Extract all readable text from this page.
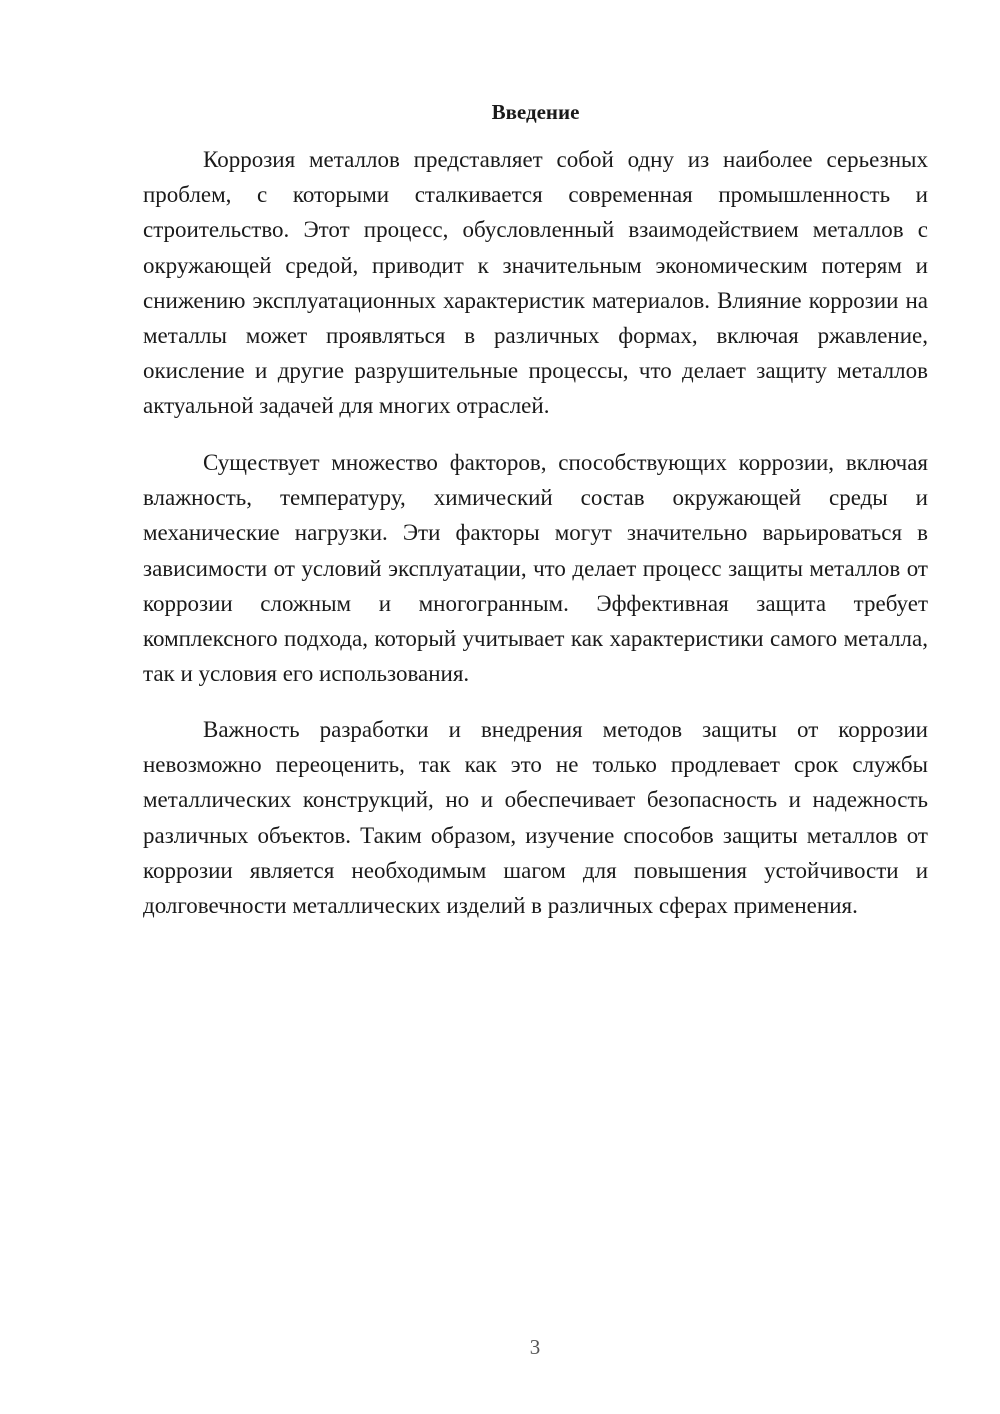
Введение

Коррозия металлов представляет собой одну из наиболее серьезных проблем, с которыми сталкивается современная промышленность и строительство. Этот процесс, обусловленный взаимодействием металлов с окружающей средой, приводит к значительным экономическим потерям и снижению эксплуатационных характеристик материалов. Влияние коррозии на металлы может проявляться в различных формах, включая ржавление, окисление и другие разрушительные процессы, что делает защиту металлов актуальной задачей для многих отраслей.

Существует множество факторов, способствующих коррозии, включая влажность, температуру, химический состав окружающей среды и механические нагрузки. Эти факторы могут значительно варьироваться в зависимости от условий эксплуатации, что делает процесс защиты металлов от коррозии сложным и многогранным. Эффективная защита требует комплексного подхода, который учитывает как характеристики самого металла, так и условия его использования.

Важность разработки и внедрения методов защиты от коррозии невозможно переоценить, так как это не только продлевает срок службы металлических конструкций, но и обеспечивает безопасность и надежность различных объектов. Таким образом, изучение способов защиты металлов от коррозии является необходимым шагом для повышения устойчивости и долговечности металлических изделий в различных сферах применения.

3
